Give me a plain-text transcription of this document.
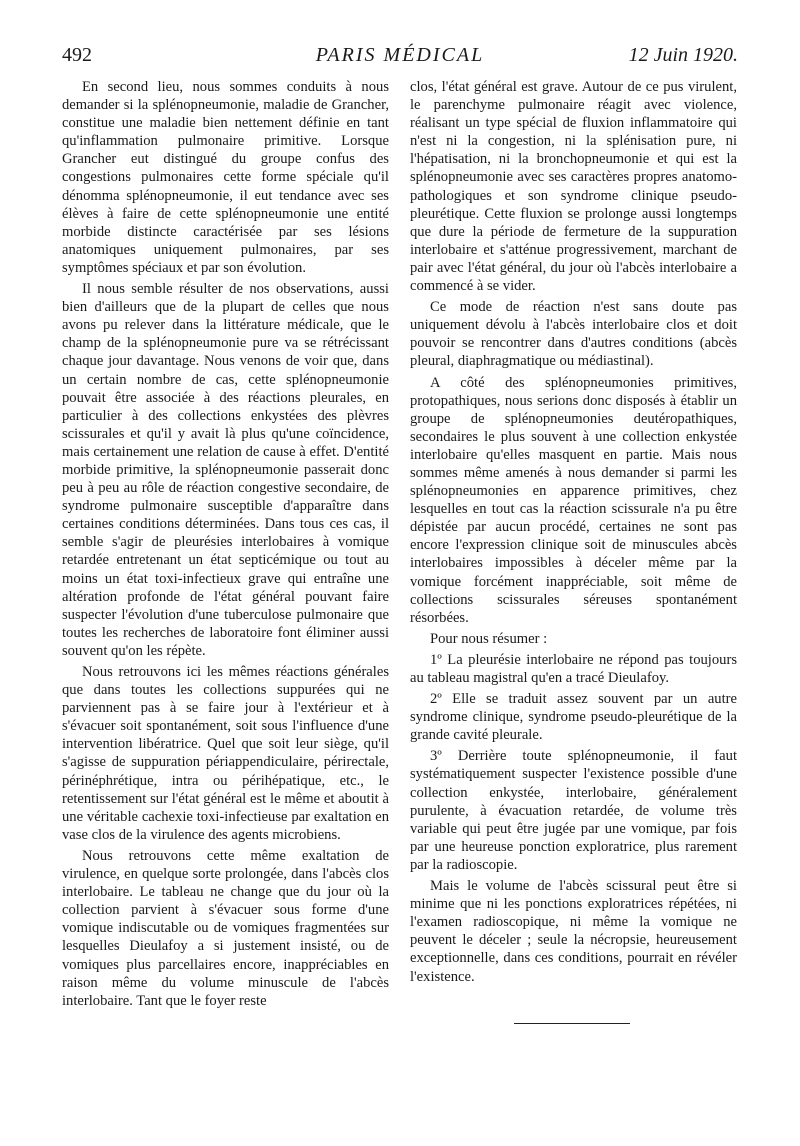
492	PARIS MÉDICAL	12 Juin 1920.

En second lieu, nous sommes conduits à nous demander si la splénopneumonie, maladie de Grancher, constitue une maladie bien nettement définie en tant qu'inflammation pulmonaire primitive. Lorsque Grancher eut distingué du groupe confus des congestions pulmonaires cette forme spéciale qu'il dénomma splénopneumonie, il eut tendance avec ses élèves à faire de cette splénopneumonie une entité morbide distincte caractérisée par ses lésions anatomiques uniquement pulmonaires, par ses symptômes spéciaux et par son évolution.

Il nous semble résulter de nos observations, aussi bien d'ailleurs que de la plupart de celles que nous avons pu relever dans la littérature médicale, que le champ de la splénopneumonie pure va se rétrécissant chaque jour davantage. Nous venons de voir que, dans un certain nombre de cas, cette splénopneumonie pouvait être associée à des réactions pleurales, en particulier à des collections enkystées des plèvres scissurales et qu'il y avait là plus qu'une coïncidence, mais certainement une relation de cause à effet. D'entité morbide primitive, la splénopneumonie passerait donc peu à peu au rôle de réaction congestive secondaire, de syndrome pulmonaire susceptible d'apparaître dans certaines conditions déterminées. Dans tous ces cas, il semble s'agir de pleurésies interlobaires à vomique retardée entretenant un état septicémique ou tout au moins un état toxi-infectieux grave qui entraîne une altération profonde de l'état général pouvant faire suspecter l'évolution d'une tuberculose pulmonaire que toutes les recherches de laboratoire font éliminer aussi souvent qu'on les répète.

Nous retrouvons ici les mêmes réactions générales que dans toutes les collections suppurées qui ne parviennent pas à se faire jour à l'extérieur et à s'évacuer soit spontanément, soit sous l'influence d'une intervention libératrice. Quel que soit leur siège, qu'il s'agisse de suppuration périappendiculaire, périrectale, périnéphrétique, intra ou périhépatique, etc., le retentissement sur l'état général est le même et aboutit à une véritable cachexie toxi-infectieuse par exaltation en vase clos de la virulence des agents microbiens.

Nous retrouvons cette même exaltation de virulence, en quelque sorte prolongée, dans l'abcès clos interlobaire. Le tableau ne change que du jour où la collection parvient à s'évacuer sous forme d'une vomique indiscutable ou de vomiques fragmentées sur lesquelles Dieulafoy a si justement insisté, ou de vomiques plus parcellaires encore, inappréciables en raison même du volume minuscule de l'abcès interlobaire. Tant que le foyer reste

clos, l'état général est grave. Autour de ce pus virulent, le parenchyme pulmonaire réagit avec violence, réalisant un type spécial de fluxion inflammatoire qui n'est ni la congestion, ni la splénisation pure, ni l'hépatisation, ni la bronchopneumonie et qui est la splénopneumonie avec ses caractères propres anatomo-pathologiques et son syndrome clinique pseudo-pleurétique. Cette fluxion se prolonge aussi longtemps que dure la période de fermeture de la suppuration interlobaire et s'atténue progressivement, marchant de pair avec l'état général, du jour où l'abcès interlobaire a commencé à se vider.

Ce mode de réaction n'est sans doute pas uniquement dévolu à l'abcès interlobaire clos et doit pouvoir se rencontrer dans d'autres conditions (abcès pleural, diaphragmatique ou médiastinal).

A côté des splénopneumonies primitives, protopathiques, nous serions donc disposés à établir un groupe de splénopneumonies deutéropathiques, secondaires le plus souvent à une collection enkystée interlobaire qu'elles masquent en partie. Mais nous sommes même amenés à nous demander si parmi les splénopneumonies en apparence primitives, chez lesquelles en tout cas la réaction scissurale n'a pu être dépistée par aucun procédé, certaines ne sont pas encore l'expression clinique soit de minuscules abcès interlobaires impossibles à déceler même par la vomique forcément inappréciable, soit même de collections scissurales séreuses spontanément résorbées.

Pour nous résumer :

1º La pleurésie interlobaire ne répond pas toujours au tableau magistral qu'en a tracé Dieulafoy.

2º Elle se traduit assez souvent par un autre syndrome clinique, syndrome pseudo-pleurétique de la grande cavité pleurale.

3º Derrière toute splénopneumonie, il faut systématiquement suspecter l'existence possible d'une collection enkystée, interlobaire, généralement purulente, à évacuation retardée, de volume très variable qui peut être jugée par une vomique, par fois par une heureuse ponction exploratrice, plus rarement par la radioscopie.

Mais le volume de l'abcès scissural peut être si minime que ni les ponctions exploratrices répétées, ni l'examen radioscopique, ni même la vomique ne peuvent le déceler ; seule la nécropsie, heureusement exceptionnelle, dans ces conditions, pourrait en révéler l'existence.
